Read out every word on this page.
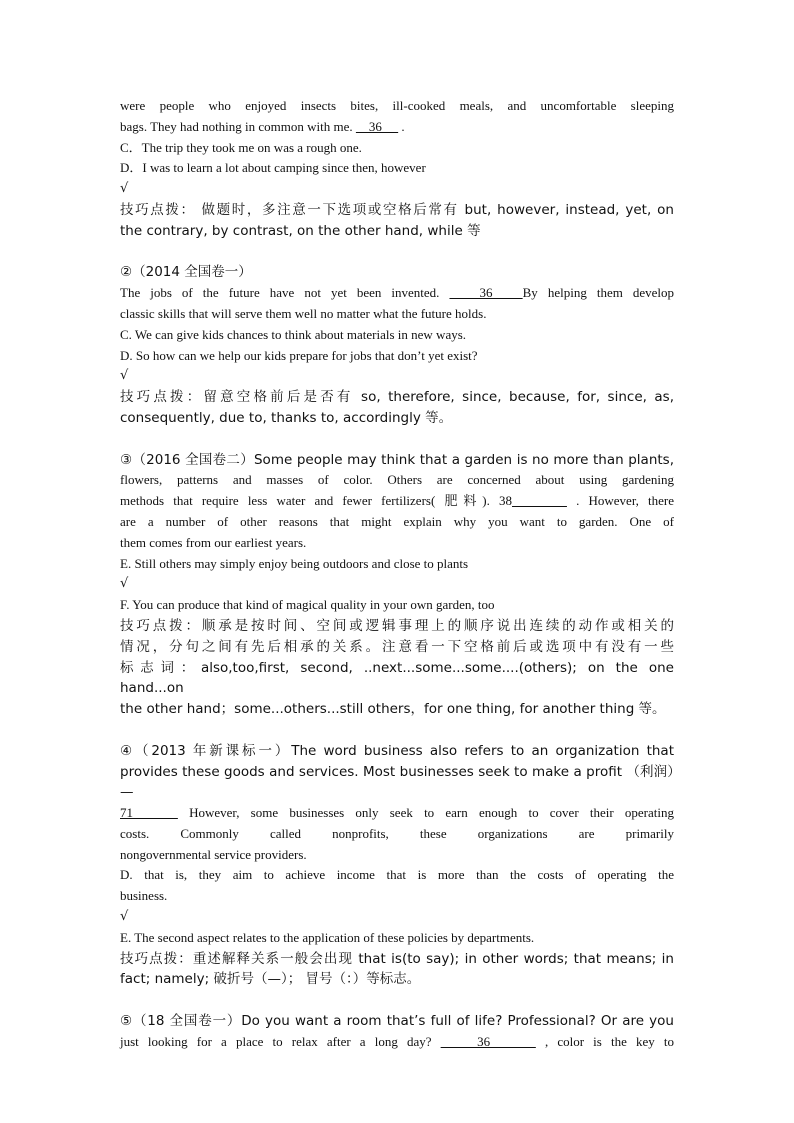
were people who enjoyed insects bites, ill-cooked meals, and uncomfortable sleeping

bags. They had nothing in common with me.     36      .

C．The trip they took me on was a rough one.

D．I was to learn a lot about camping since then, however

√

技巧点拨： 做题时，多注意一下选项或空格后常有 but, however, instead, yet, on

the contrary, by contrast, on the other hand, while 等

②（2014 全国卷一）

The jobs of the future have not yet been invented.    36   By helping them develop

classic skills that will serve them well no matter what the future holds.

C. We can give kids chances to think about materials in new ways.

D. So how can we help our kids prepare for jobs that don’t yet exist?

√

技巧点拨：留意空格前后是否有 so, therefore, since, because, for, since, as,

consequently, due to, thanks to, accordingly 等。

③（2016 全国卷二）Some people may think that a garden is no more than plants,

flowers, patterns and masses of color. Others are concerned about using gardening

methods that require less water and fewer fertilizers( 肥料). 38	. However, there

are a number of other reasons that might explain why you want to garden. One of

them comes from our earliest years.

E. Still others may simply enjoy being outdoors and close to plants

√

F. You can produce that kind of magical quality in your own garden, too

技巧点拨：顺承是按时间、空间或逻辑事理上的顺序说出连续的动作或相关的

情况，分句之间有先后相承的关系。注意看一下空格前后或选项中有没有一些

标志词：also,too,first, second, ..next...some...some....(others); on the one hand...on

the other hand；some...others...still others，for one thing, for another thing 等。

④（2013 年新课标一）The word business also refers to an organization that

provides these goods and services. Most businesses seek to make a profit （利润）—

71     However, some businesses only seek to earn enough to cover their operating

costs. Commonly called nonprofits, these organizations are primarily

nongovernmental service providers.

D. that is, they aim to achieve income that is more than the costs of operating the

business.

√

E. The second aspect relates to the application of these policies by departments.

技巧点拨：重述解释关系一般会出现 that is(to say); in other words; that means; in

fact; namely; 破折号（—）； 冒号（：）等标志。

⑤（18 全国卷一）Do you want a room that’s full of life? Professional? Or are you

just looking for a place to relax after a long day?     36      , color is the key to
